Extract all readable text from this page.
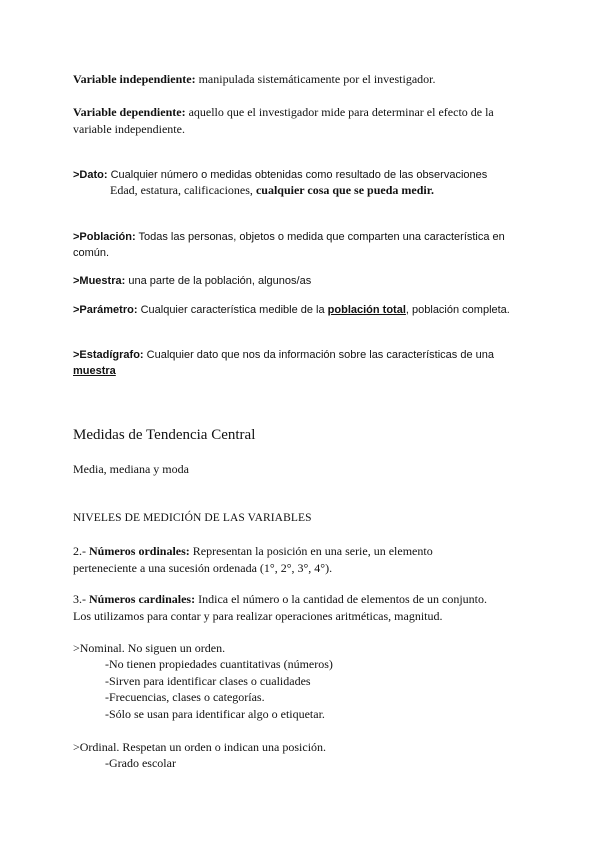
Variable independiente: manipulada sistemáticamente por el investigador.

Variable dependiente: aquello que el investigador mide para determinar el efecto de la
variable independiente.

>Dato: Cualquier número o medidas obtenidas como resultado de las observaciones

Edad, estatura, calificaciones, cualquier cosa que se pueda medir.

>Población: Todas las personas, objetos o medida que comparten una característica en
común.

>Muestra: una parte de la población, algunos/as

>Parámetro: Cualquier característica medible de la población total, población completa.

>Estadígrafo: Cualquier dato que nos da información sobre las características de una
muestra

Medidas de Tendencia Central

Media, mediana y moda

NIVELES DE MEDICIÓN DE LAS VARIABLES

2.- Números ordinales: Representan la posición en una serie, un elemento
perteneciente a una sucesión ordenada (1°, 2°, 3°, 4°).

3.- Números cardinales: Indica el número o la cantidad de elementos de un conjunto.
Los utilizamos para contar y para realizar operaciones aritméticas, magnitud.

>Nominal. No siguen un orden.

-No tienen propiedades cuantitativas (números)

-Sirven para identificar clases o cualidades

-Frecuencias, clases o categorías.

-Sólo se usan para identificar algo o etiquetar.

>Ordinal. Respetan un orden o indican una posición.

-Grado escolar
